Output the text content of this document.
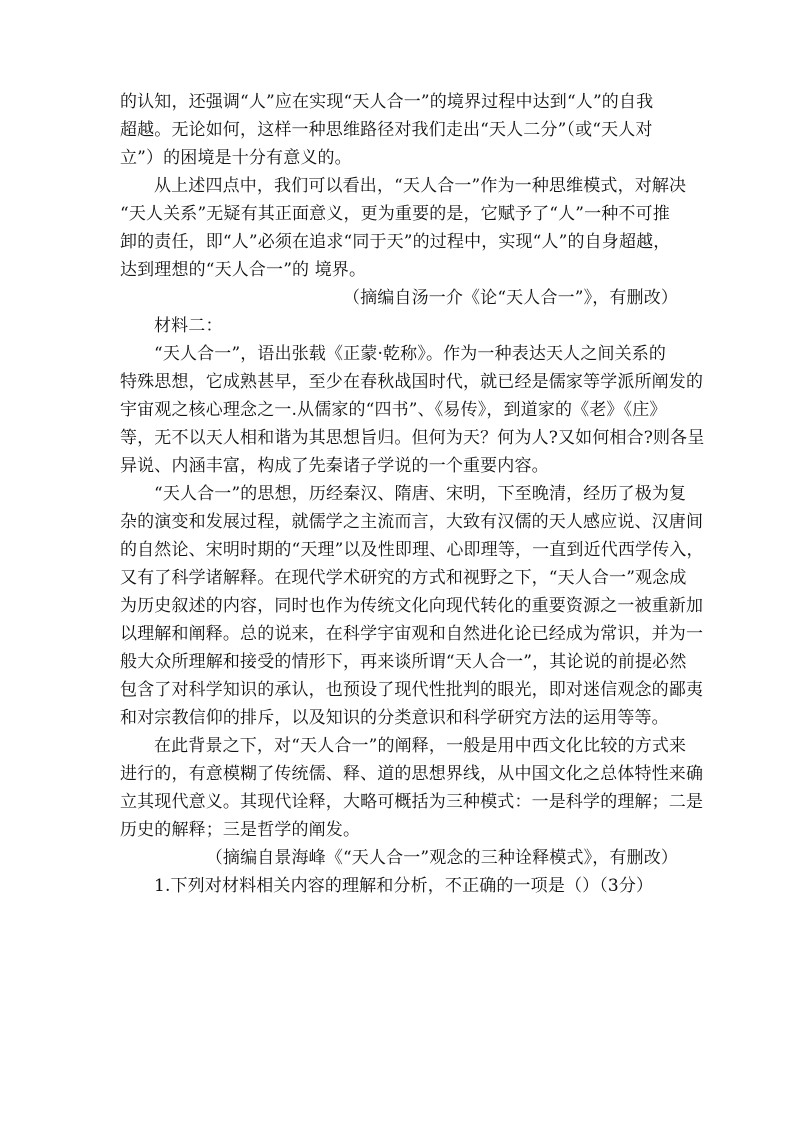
的认知，还强调“人”应在实现“天人合一”的境界过程中达到“人”的自我
超越。无论如何，这样一种思维路径对我们走出“天人二分”（或“天人对
立”）的困境是十分有意义的。
从上述四点中，我们可以看出，“天人合一”作为一种思维模式，对解决
“天人关系”无疑有其正面意义，更为重要的是，它赋予了“人”一种不可推
卸的责任，即“人”必须在追求“同于天”的过程中，实现“人”的自身超越，
达到理想的“天人合一”的 境界。
（摘编自汤一介《论“天人合一”》，有删改）
材料二：
“天人合一”，语出张载《正蒙·乾称》。作为一种表达天人之间关系的
特殊思想，它成熟甚早，至少在春秋战国时代，就已经是儒家等学派所阐发的
宇宙观之核心理念之一.从儒家的“四书”、《易传》，到道家的《老》《庄》
等，无不以天人相和谐为其思想旨归。但何为天？何为人?又如何相合?则各呈
异说、内涵丰富，构成了先秦诸子学说的一个重要内容。
“天人合一”的思想，历经秦汉、隋唐、宋明，下至晚清，经历了极为复
杂的演变和发展过程，就儒学之主流而言，大致有汉儒的天人感应说、汉唐间
的自然论、宋明时期的“天理”以及性即理、心即理等，一直到近代西学传入，
又有了科学诸解释。在现代学术研究的方式和视野之下，“天人合一”观念成
为历史叙述的内容，同时也作为传统文化向现代转化的重要资源之一被重新加
以理解和阐释。总的说来，在科学宇宙观和自然进化论已经成为常识，并为一
般大众所理解和接受的情形下，再来谈所谓“天人合一”，其论说的前提必然
包含了对科学知识的承认，也预设了现代性批判的眼光，即对迷信观念的鄙夷
和对宗教信仰的排斥，以及知识的分类意识和科学研究方法的运用等等。
在此背景之下，对“天人合一”的阐释，一般是用中西文化比较的方式来
进行的，有意模糊了传统儒、释、道的思想界线，从中国文化之总体特性来确
立其现代意义。其现代诠释，大略可概括为三种模式：一是科学的理解；二是
历史的解释；三是哲学的阐发。
（摘编自景海峰《“天人合一”观念的三种诠释模式》，有删改）
1.下列对材料相关内容的理解和分析，不正确的一项是（）（3分）
